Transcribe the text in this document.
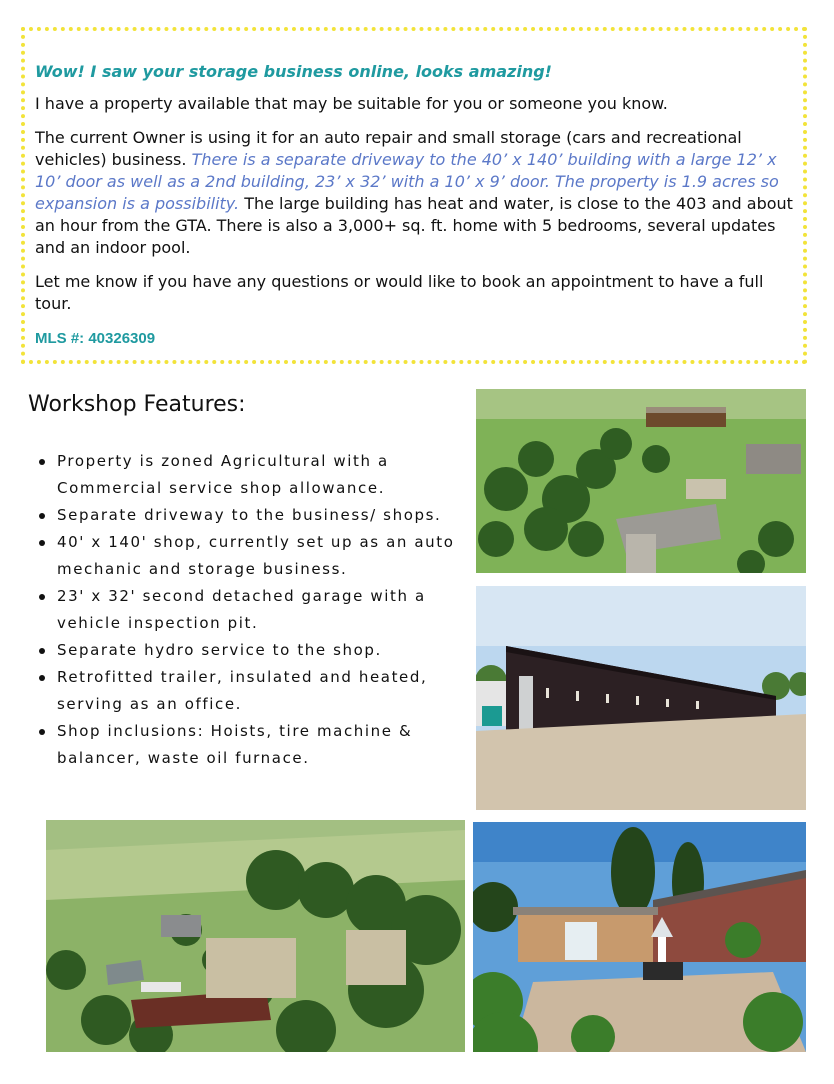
Wow! I saw your storage business online, looks amazing!

I have a property available that may be suitable for you or someone you know.

The current Owner is using it for an auto repair and small storage (cars and recreational vehicles) business. There is a separate driveway to the 40’ x 140’ building with a large 12’ x 10’ door as well as a 2nd building, 23’ x 32’ with a 10’ x 9’ door. The property is 1.9 acres so expansion is a possibility. The large building has heat and water, is close to the 403 and about an hour from the GTA. There is also a 3,000+ sq. ft. home with 5 bedrooms, several updates and an indoor pool.

Let me know if you have any questions or would like to book an appointment to have a full tour.

MLS #: 40326309

Workshop Features:
Property is zoned Agricultural with a Commercial service shop allowance.
Separate driveway to the business/ shops.
40' x 140' shop, currently set up as an auto mechanic and storage business.
23' x 32' second detached garage with a vehicle inspection pit.
Separate hydro service to the shop.
Retrofitted trailer, insulated and heated, serving as an office.
Shop inclusions: Hoists, tire machine & balancer, waste oil furnace.
